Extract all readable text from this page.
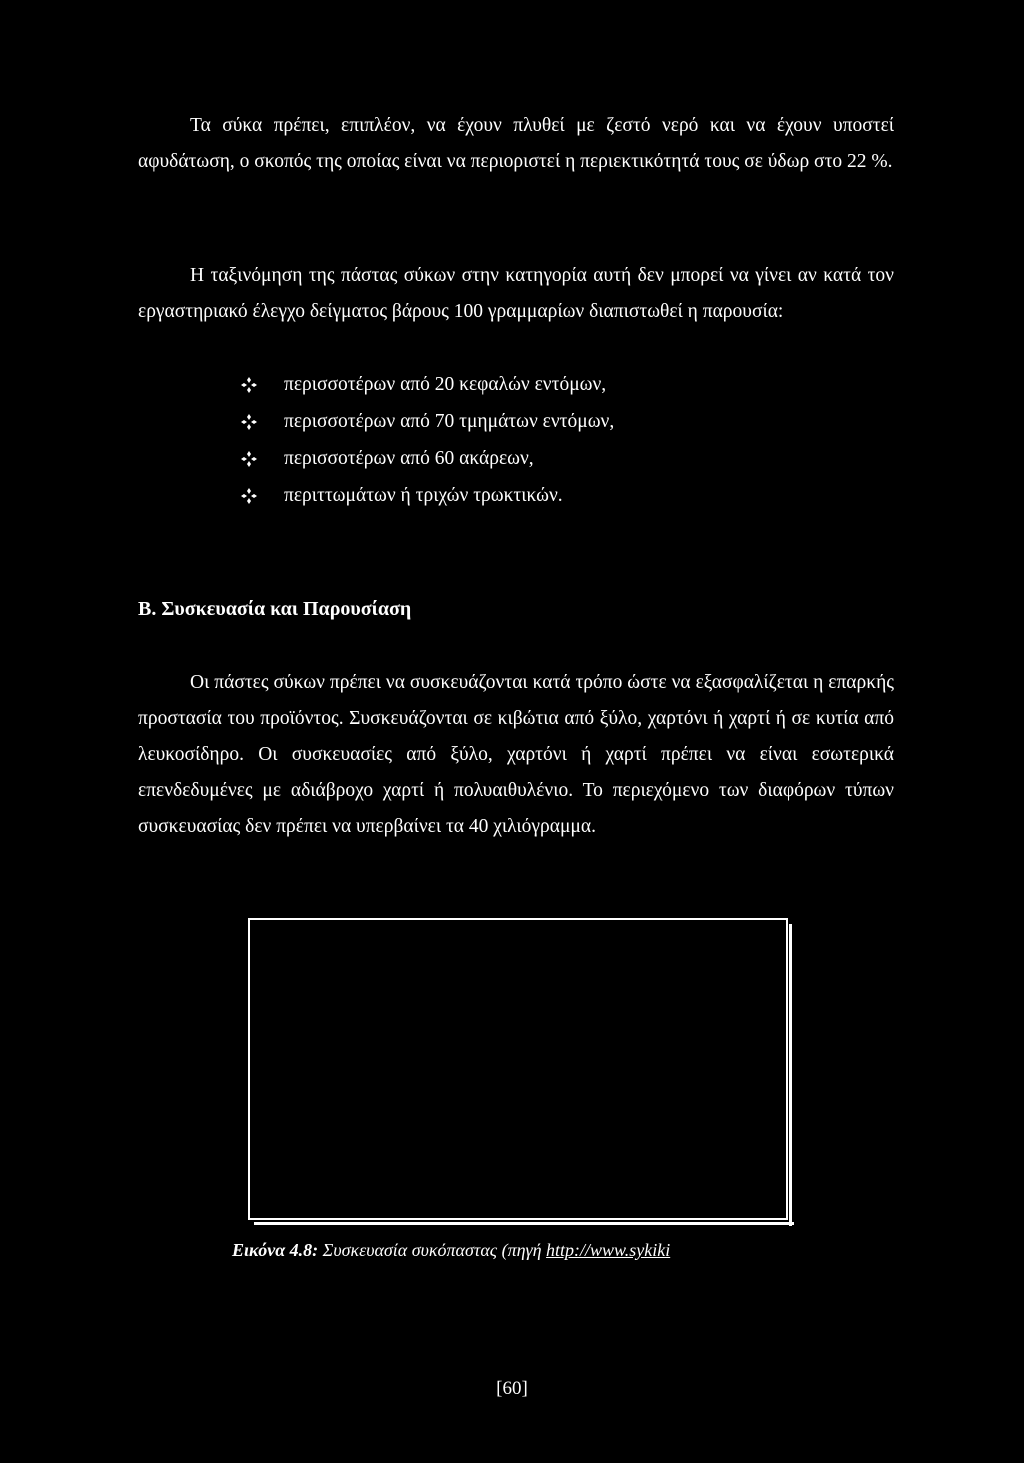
Τα σύκα πρέπει, επιπλέον, να έχουν πλυθεί με ζεστό νερό και να έχουν υποστεί αφυδάτωση, ο σκοπός της οποίας είναι να περιοριστεί η περιεκτικότητά τους σε ύδωρ στο 22 %.

Η ταξινόμηση της πάστας σύκων στην κατηγορία αυτή δεν μπορεί να γίνει αν κατά τον εργαστηριακό έλεγχο δείγματος βάρους 100 γραμμαρίων διαπιστωθεί η παρουσία:

περισσοτέρων από 20 κεφαλών εντόμων,
περισσοτέρων από 70 τμημάτων εντόμων,
περισσοτέρων από 60 ακάρεων,
περιττωμάτων ή τριχών τρωκτικών.
Β. Συσκευασία και Παρουσίαση

Οι πάστες σύκων πρέπει να συσκευάζονται κατά τρόπο ώστε να εξασφαλίζεται η επαρκής προστασία του προϊόντος. Συσκευάζονται σε κιβώτια από ξύλο, χαρτόνι ή χαρτί ή σε κυτία από λευκοσίδηρο. Οι συσκευασίες από ξύλο, χαρτόνι ή χαρτί πρέπει να είναι εσωτερικά επενδεδυμένες με αδιάβροχο χαρτί ή πολυαιθυλένιο. Το περιεχόμενο των διαφόρων τύπων συσκευασίας δεν πρέπει να υπερβαίνει τα 40 χιλιόγραμμα.

Εικόνα 4.8: Συσκευασία συκόπαστας (πηγή http://www.sykiki

[60]
